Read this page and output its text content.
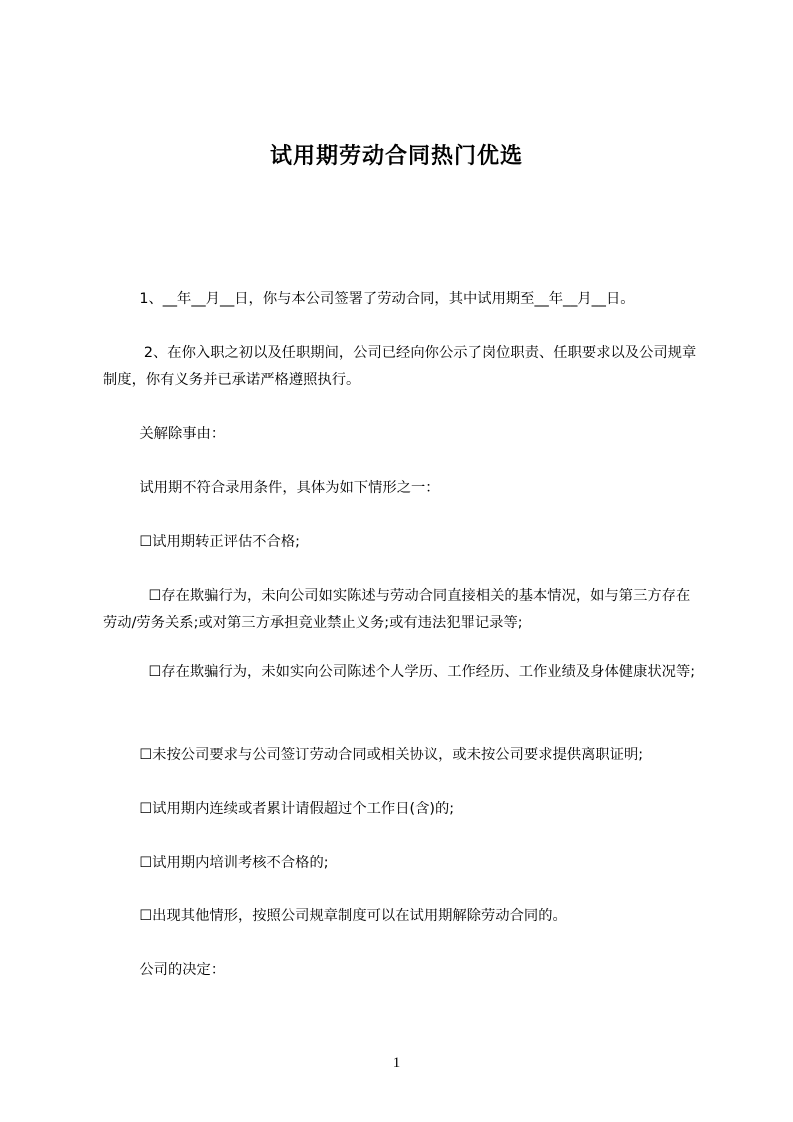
试用期劳动合同热门优选
1、__年__月__日，你与本公司签署了劳动合同，其中试用期至__年__月__日。
2、在你入职之初以及任职期间，公司已经向你公示了岗位职责、任职要求以及公司规章制度，你有义务并已承诺严格遵照执行。
关解除事由：
试用期不符合录用条件，具体为如下情形之一：
☐试用期转正评估不合格;
☐存在欺骗行为，未向公司如实陈述与劳动合同直接相关的基本情况，如与第三方存在劳动/劳务关系;或对第三方承担竞业禁止义务;或有违法犯罪记录等;
☐存在欺骗行为，未如实向公司陈述个人学历、工作经历、工作业绩及身体健康状况等;
☐未按公司要求与公司签订劳动合同或相关协议，或未按公司要求提供离职证明;
☐试用期内连续或者累计请假超过个工作日(含)的;
☐试用期内培训考核不合格的;
☐出现其他情形，按照公司规章制度可以在试用期解除劳动合同的。
公司的决定：
1
